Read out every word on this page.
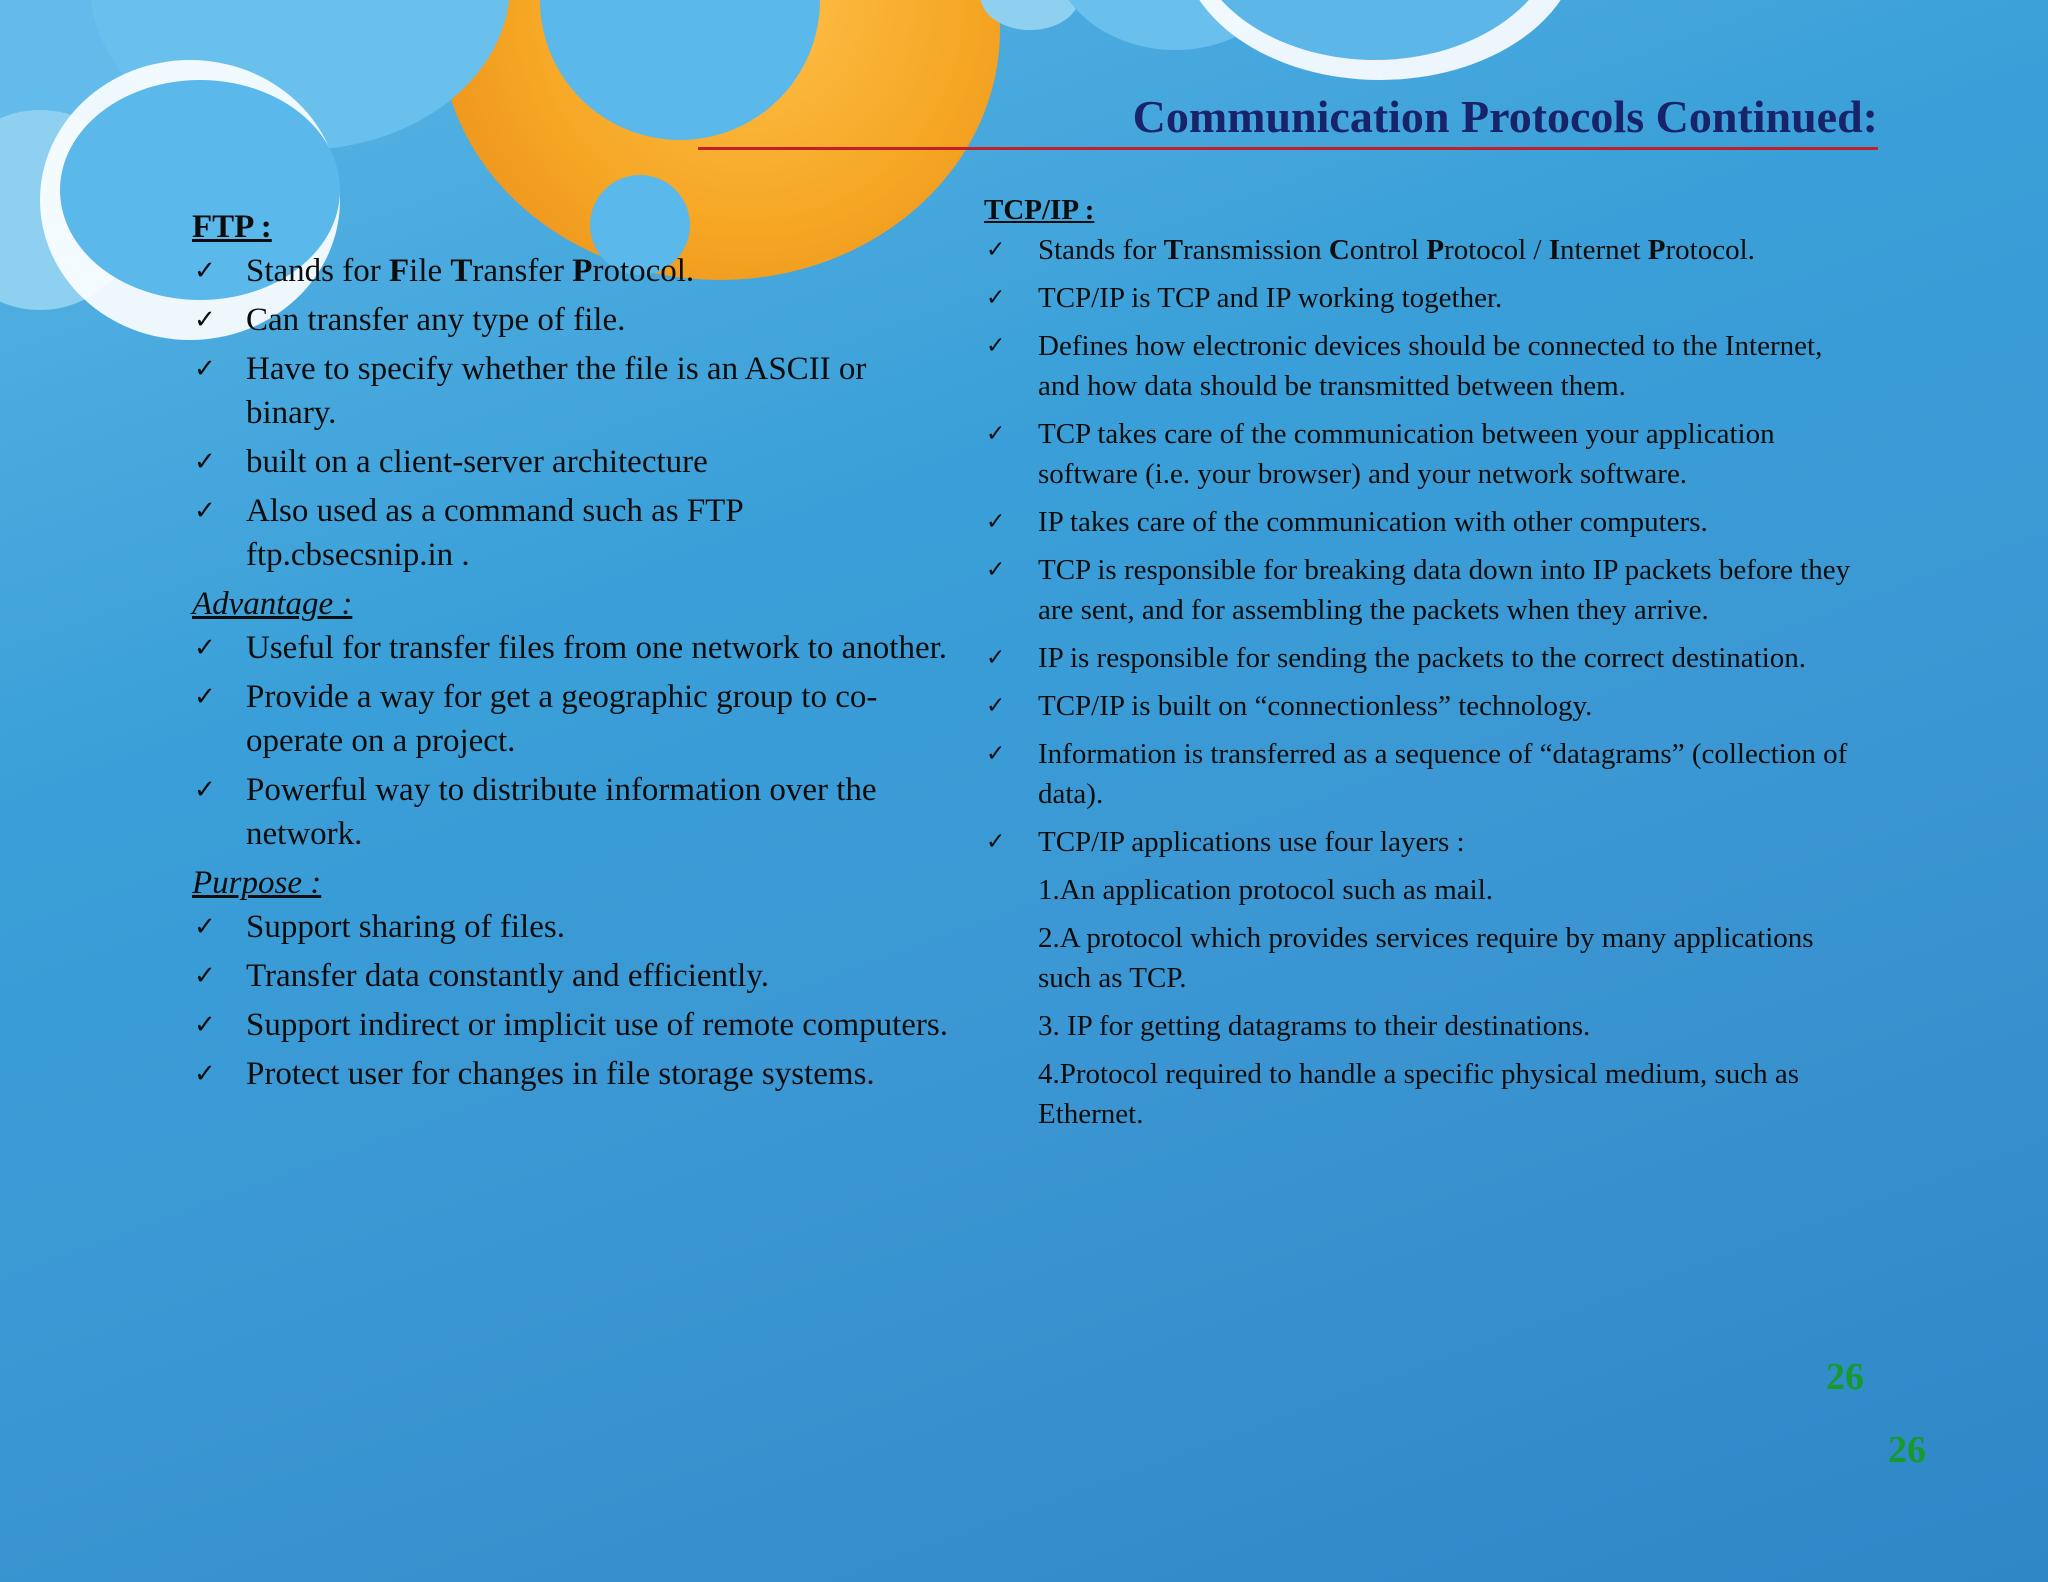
Communication Protocols Continued:
FTP :
✓ Stands for File Transfer Protocol.
✓ Can transfer any type of file.
✓ Have to specify whether the file is an ASCII or binary.
✓ built on a client-server architecture
✓ Also used as a command such as FTP ftp.cbsecsnip.in .
Advantage :
✓ Useful for transfer files from one network to another.
✓ Provide a way for get a geographic group to co-operate on a project.
✓ Powerful way to distribute information over the network.
Purpose :
✓ Support sharing of files.
✓ Transfer data constantly and efficiently.
✓ Support indirect or implicit use of remote computers.
✓ Protect user for changes in file storage systems.
TCP/IP :
✓ Stands for Transmission Control Protocol / Internet Protocol.
✓ TCP/IP is TCP and IP working together.
✓ Defines how electronic devices should be connected to the Internet, and how data should be transmitted between them.
✓ TCP takes care of the communication between your application software (i.e. your browser) and your network software.
✓ IP takes care of the communication with other computers.
✓ TCP is responsible for breaking data down into IP packets before they are sent, and for assembling the packets when they arrive.
✓ IP is responsible for sending the packets to the correct destination.
✓ TCP/IP is built on “connectionless” technology.
✓ Information is transferred as a sequence of “datagrams” (collection of data).
✓ TCP/IP applications use four layers :
1.An application protocol such as mail.
2.A protocol which provides services require by many applications such as TCP.
3. IP for getting datagrams to their destinations.
4.Protocol required to handle a specific physical medium, such as Ethernet.
26
26
